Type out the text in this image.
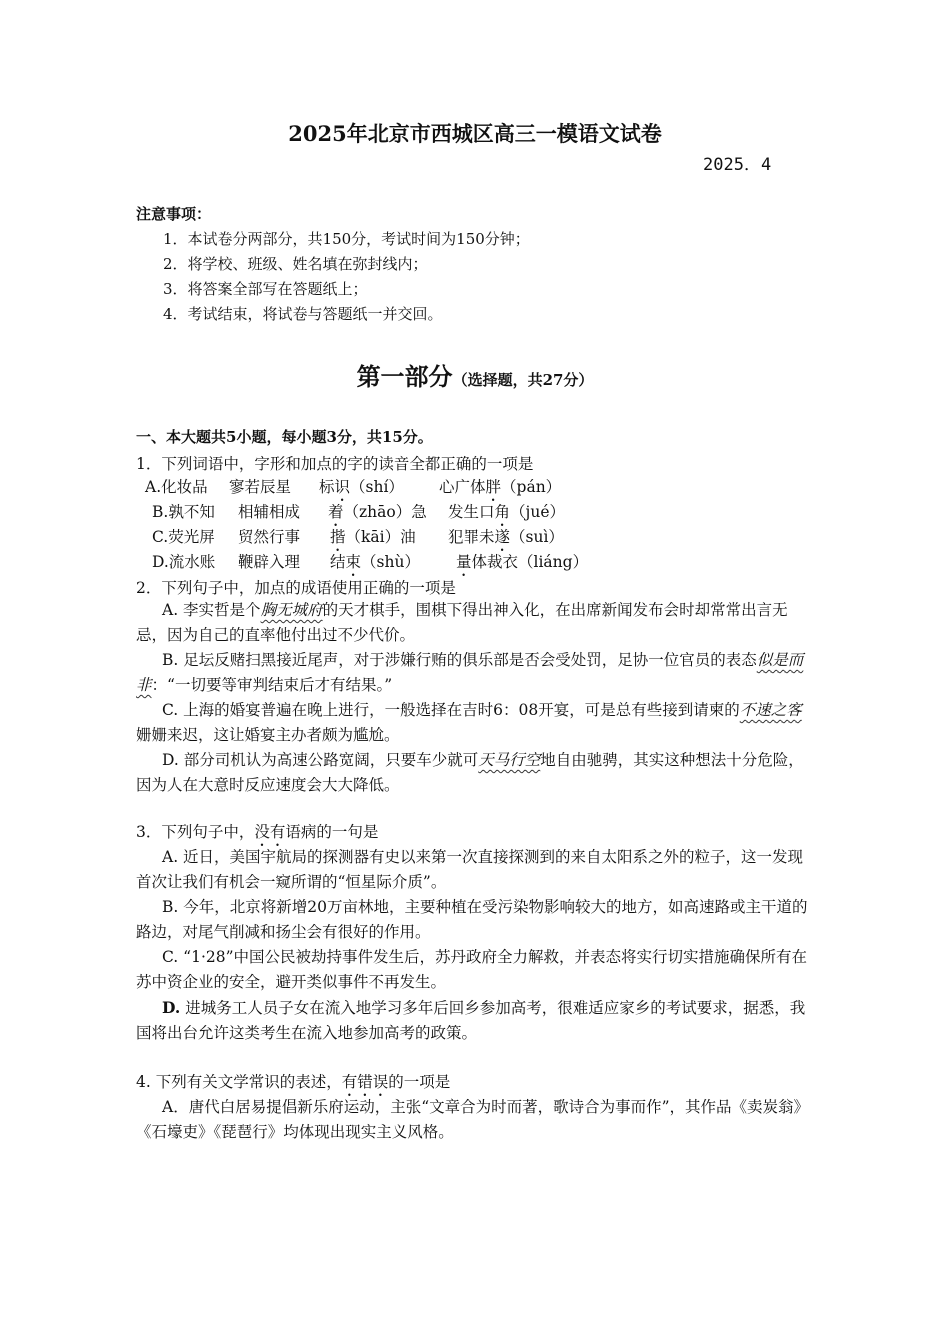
2025年北京市西城区高三一模语文试卷
2025．4
注意事项：
1．本试卷分两部分，共150分，考试时间为150分钟；
2．将学校、班级、姓名填在弥封线内；
3．将答案全部写在答题纸上；
4．考试结束，将试卷与答题纸一并交回。
第一部分（选择题，共27分）
一、本大题共5小题，每小题3分，共15分。
1．下列词语中，字形和加点的字的读音全都正确的一项是
A.化妆品 寥若辰星 标识（shí） 心广体胖（pán）
B.孰不知 相辅相成 着（zhāo）急 发生口角（jué）
C.荧光屏 贸然行事 揩（kāi）油 犯罪未遂（suì）
D.流水账 鞭辟入理 结束（shù） 量体裁衣（liáng）
2．下列句子中，加点的成语使用正确的一项是
A. 李实哲是个胸无城府的天才棋手，围棋下得出神入化，在出席新闻发布会时却常常出言无忌，因为自己的直率他付出过不少代价。
B. 足坛反赌扫黑接近尾声，对于涉嫌行贿的俱乐部是否会受处罚，足协一位官员的表态似是而非：“一切要等审判结束后才有结果。”
C. 上海的婚宴普遍在晚上进行，一般选择在吉时6：08开宴，可是总有些接到请柬的不速之客姗姗来迟，这让婚宴主办者颇为尴尬。
D. 部分司机认为高速公路宽阔，只要车少就可天马行空地自由驰骋，其实这种想法十分危险，因为人在大意时反应速度会大大降低。
3．下列句子中，没有语病的一句是
A. 近日，美国宇航局的探测器有史以来第一次直接探测到的来自太阳系之外的粒子，这一发现首次让我们有机会一窥所谓的“恒星际介质”。
B. 今年，北京将新增20万亩林地，主要种植在受污染物影响较大的地方，如高速路或主干道的路边，对尾气削减和扬尘会有很好的作用。
C. “1·28”中国公民被劫持事件发生后，苏丹政府全力解救，并表态将实行切实措施确保所有在苏中资企业的安全，避开类似事件不再发生。
D. 进城务工人员子女在流入地学习多年后回乡参加高考，很难适应家乡的考试要求，据悉，我国将出台允许这类考生在流入地参加高考的政策。
4. 下列有关文学常识的表述，有错误的一项是
A．唐代白居易提倡新乐府运动，主张“文章合为时而著，歌诗合为事而作”，其作品《卖炭翁》《石壕吏》《琵琶行》均体现出现实主义风格。
